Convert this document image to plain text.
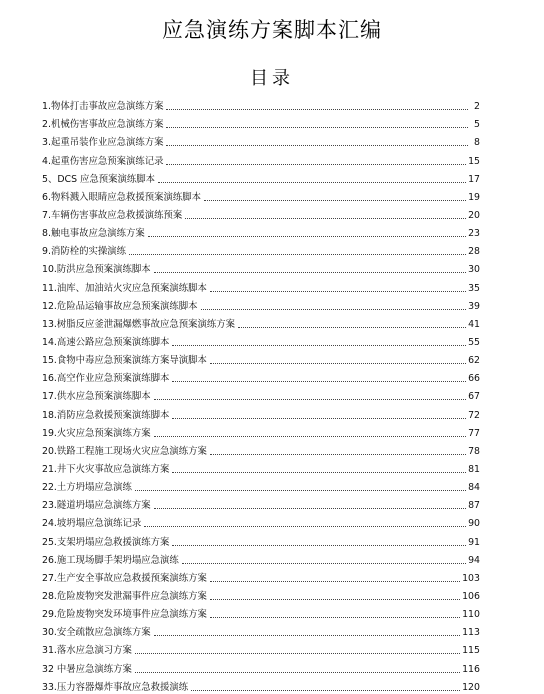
应急演练方案脚本汇编
目录
1.物体打击事故应急演练方案	2
2.机械伤害事故应急演练方案	5
3.起重吊装作业应急演练方案	8
4.起重伤害应急预案演练记录	15
5、DCS 应急预案演练脚本	17
6.物料溅入眼睛应急救援预案演练脚本	19
7.车辆伤害事故应急救援演练预案	20
8.触电事故应急演练方案	23
9.消防栓的实操演练	28
10.防洪应急预案演练脚本	30
11.油库、加油站火灾应急预案演练脚本	35
12.危险品运输事故应急预案演练脚本	39
13.树脂反应釜泄漏爆燃事故应急预案演练方案	41
14.高速公路应急预案演练脚本	55
15.食物中毒应急预案演练方案导演脚本	62
16.高空作业应急预案演练脚本	66
17.供水应急预案演练脚本	67
18.消防应急救援预案演练脚本	72
19.火灾应急预案演练方案	77
20.铁路工程施工现场火灾应急演练方案	78
21.井下火灾事故应急演练方案	81
22.土方坍塌应急演练	84
23.隧道坍塌应急演练方案	87
24.坡坍塌应急演练记录	90
25.支架坍塌应急救援演练方案	91
26.施工现场脚手架坍塌应急演练	94
27.生产安全事故应急救援预案演练方案	103
28.危险废物突发泄漏事件应急演练方案	106
29.危险废物突发环境事件应急演练方案	110
30.安全疏散应急演练方案	113
31.落水应急演习方案	115
32 中暑应急演练方案	116
33.压力容器爆炸事故应急救援演练	120
